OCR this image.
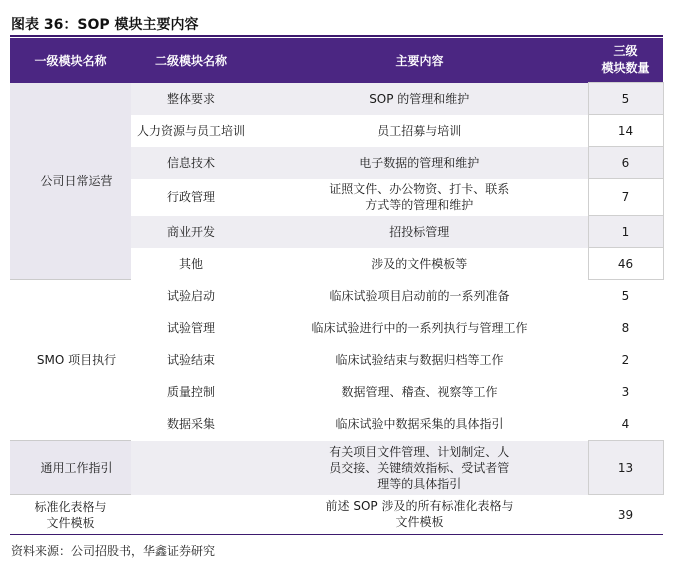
图表 36：SOP 模块主要内容
一级模块名称	二级模块名称	主要内容	三级
模块数量
公司日常运营	整体要求	SOP 的管理和维护	5
	人力资源与员工培训	员工招募与培训	14
	信息技术	电子数据的管理和维护	6
	行政管理	证照文件、办公物资、打卡、联系
方式等的管理和维护	7
	商业开发	招投标管理	1
	其他	涉及的文件模板等	46
SMO 项目执行	试验启动	临床试验项目启动前的一系列准备	5
	试验管理	临床试验进行中的一系列执行与管理工作	8
	试验结束	临床试验结束与数据归档等工作	2
	质量控制	数据管理、稽查、视察等工作	3
	数据采集	临床试验中数据采集的具体指引	4
通用工作指引		有关项目文件管理、计划制定、人
员交接、关键绩效指标、受试者管
理等的具体指引	13
标准化表格与
文件模板		前述 SOP 涉及的所有标准化表格与
文件模板	39
资料来源：公司招股书，华鑫证券研究
